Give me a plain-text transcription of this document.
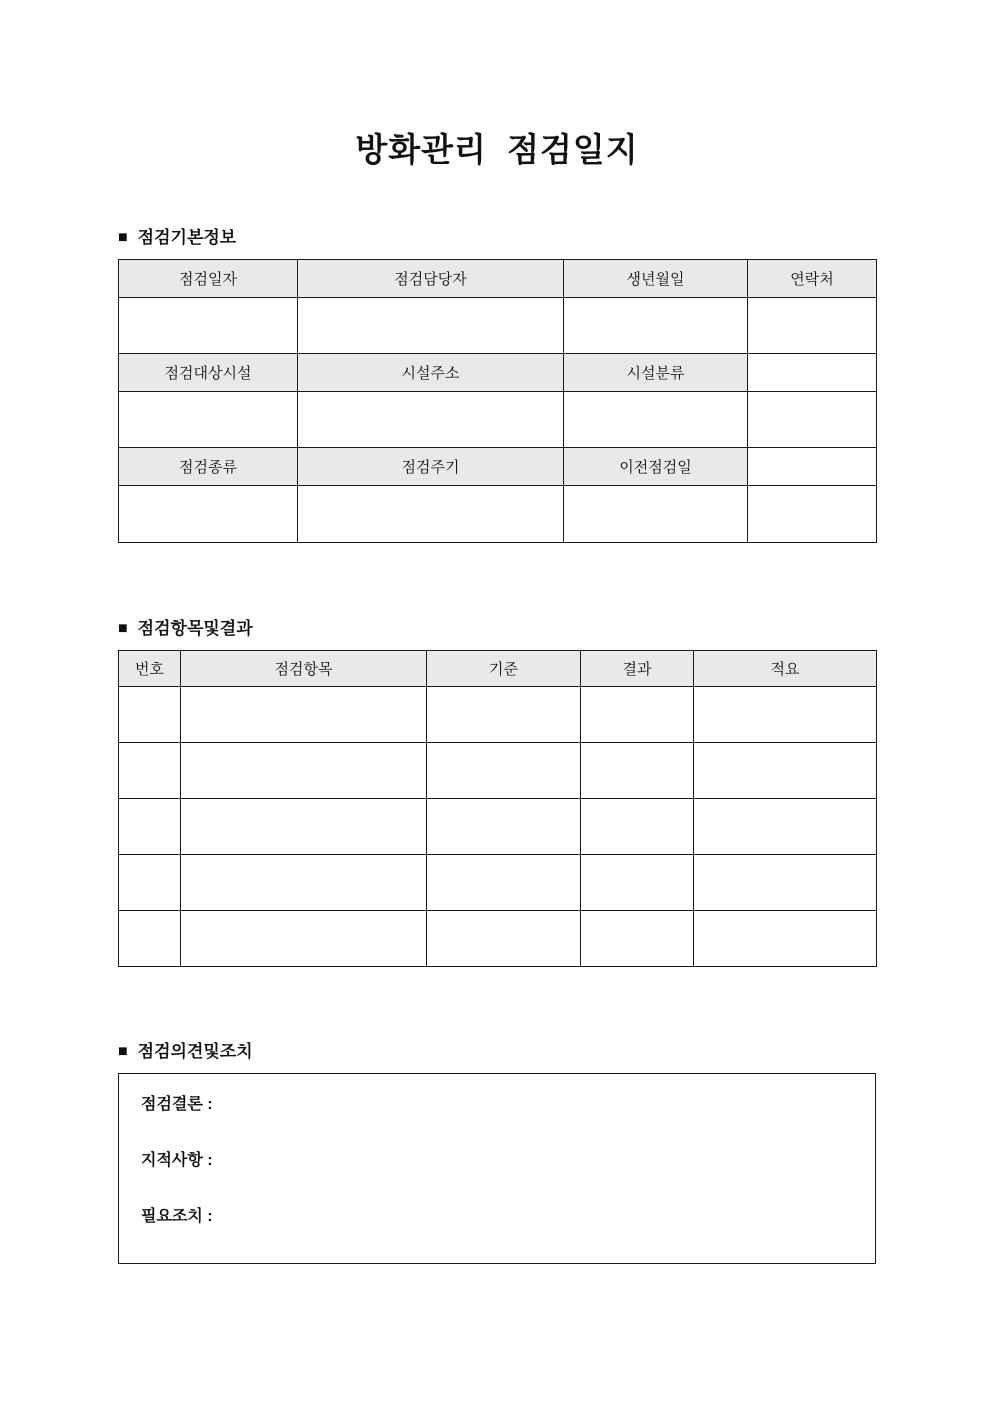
방화관리  점검일지
■ 점검기본정보
점검일자	점검담당자	생년월일	연락처

점검대상시설	시설주소	시설분류	

점검종류	점검주기	이전점검일	

■ 점검항목및결과
번호	점검항목	기준	결과	적요

■ 점검의견및조치
점검결론 :
지적사항 :
필요조치 :
